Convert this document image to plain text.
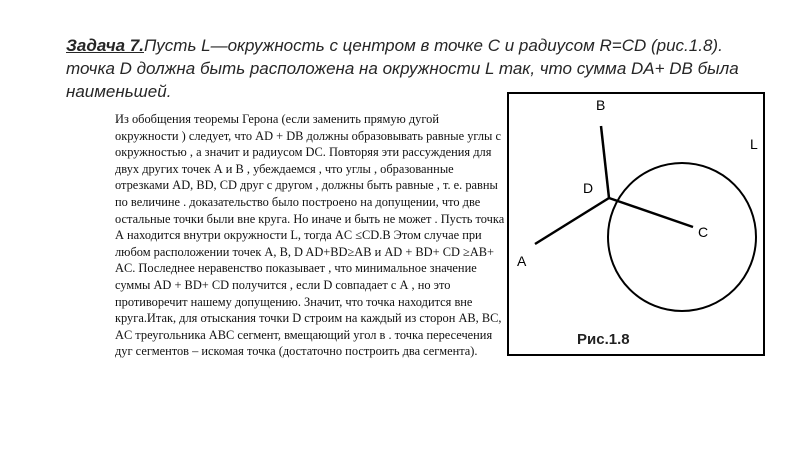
Задача 7.Пусть L—окружность с центром в точке С и радиусом R=CD (рис.1.8). точка D должна быть расположена на окружности L так, что сумма DA+ DB была наименьшей.

Из обобщения теоремы Герона (если заменить прямую дугой окружности ) следует, что AD + DB должны образовывать равные углы с окружностью , а значит и радиусом DC. Повторяя эти рассуждения для двух других точек А и В , убеждаемся , что углы , образованные отрезками AD, BD, CD друг с другом , должны быть равные , т. е. равны по величине . доказательство было построено на допущении, что две остальные точки были вне круга. Но иначе и быть не может . Пусть точка А находится внутри окружности L, тогда AC ≤CD.В Этом случае при любом расположении точек A, B, D AD+BD≥AB и AD + BD+ CD ≥AB+ AC. Последнее неравенство показывает , что минимальное значение суммы AD + BD+ CD получится , если D совпадает с А , но это противоречит нашему допущению. Значит, что точка находится вне круга.Итак, для отыскания точки D строим на каждый из сторон AB, BC, AC треугольника ABC сегмент, вмещающий угол в . точка пересечения дуг сегментов – искомая точка (достаточно построить два сегмента).

B
L
D
C
A
Рис.1.8
